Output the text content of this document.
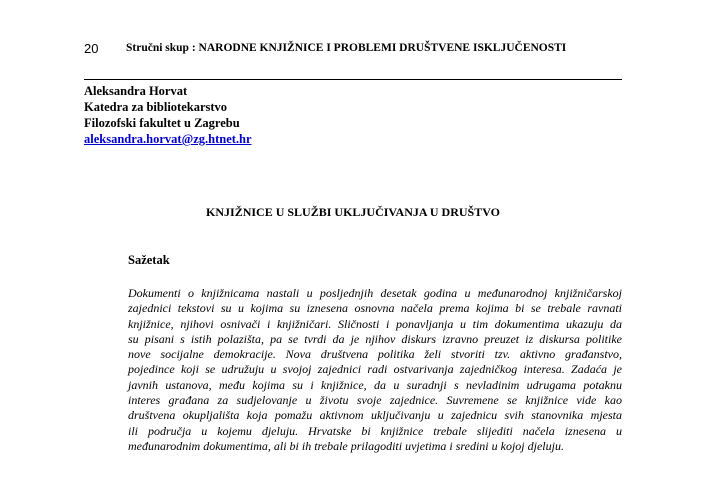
20 Stručni skup : NARODNE KNJIŽNICE I PROBLEMI DRUŠTVENE ISKLJUČENOSTI
Aleksandra Horvat
Katedra za bibliotekarstvo
Filozofski fakultet u Zagrebu
aleksandra.horvat@zg.htnet.hr
KNJIŽNICE U SLUŽBI UKLJUČIVANJA U DRUŠTVO
Sažetak
Dokumenti o knjižnicama nastali u posljednjih desetak godina u međunarodnoj knjižničarskoj
zajednici tekstovi su u kojima su iznesena osnovna načela prema kojima bi se trebale ravnati
knjižnice, njihovi osnivači i knjižničari. Sličnosti i ponavljanja u tim dokumentima ukazuju da
su pisani s istih polazišta, pa se tvrdi da je njihov diskurs izravno preuzet iz diskursa politike
nove socijalne demokracije. Nova društvena politika želi stvoriti tzv. aktivno građanstvo,
pojedince koji se udružuju u svojoj zajednici radi ostvarivanja zajedničkog interesa. Zadaća je
javnih ustanova, među kojima su i knjižnice, da u suradnji s nevladinim udrugama potaknu
interes građana za sudjelovanje u životu svoje zajednice. Suvremene se knjižnice vide kao
društvena okupljališta koja pomažu aktivnom uključivanju u zajednicu svih stanovnika mjesta
ili područja u kojemu djeluju. Hrvatske bi knjižnice trebale slijediti načela iznesena u
međunarodnim dokumentima, ali bi ih trebale prilagoditi uvjetima i sredini u kojoj djeluju.
